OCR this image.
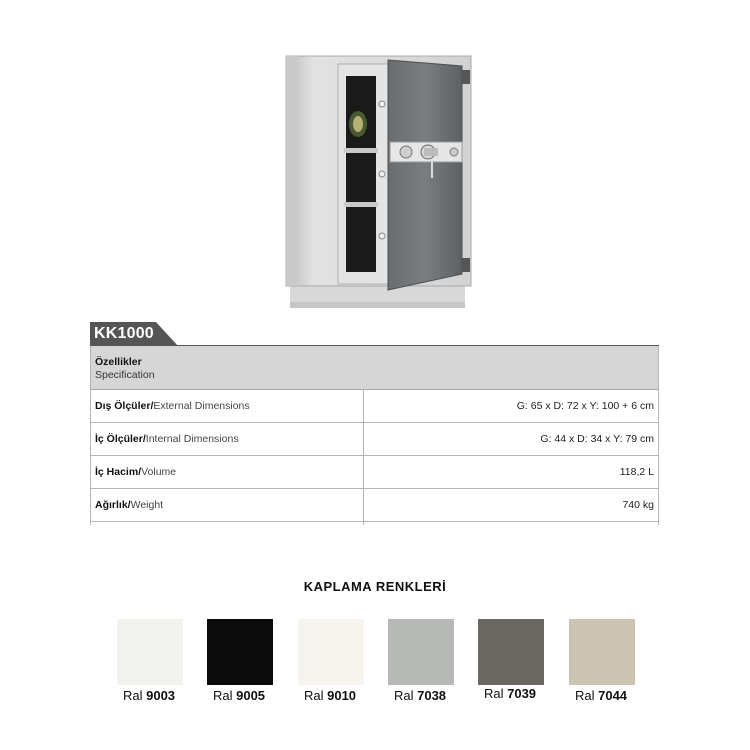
KK1000
Özellikler
Specification
Dış Ölçüler/ External Dimensions	G: 65 x D: 72 x Y: 100 + 6 cm
İç Ölçüler/ Internal Dimensions	G: 44 x D: 34 x Y: 79 cm
İç Hacim/ Volume	118,2 L
Ağırlık/ Weight	740 kg
KAPLAMA RENKLERİ
Ral 9003	Ral 9005	Ral 9010	Ral 7038	Ral 7039	Ral 7044
